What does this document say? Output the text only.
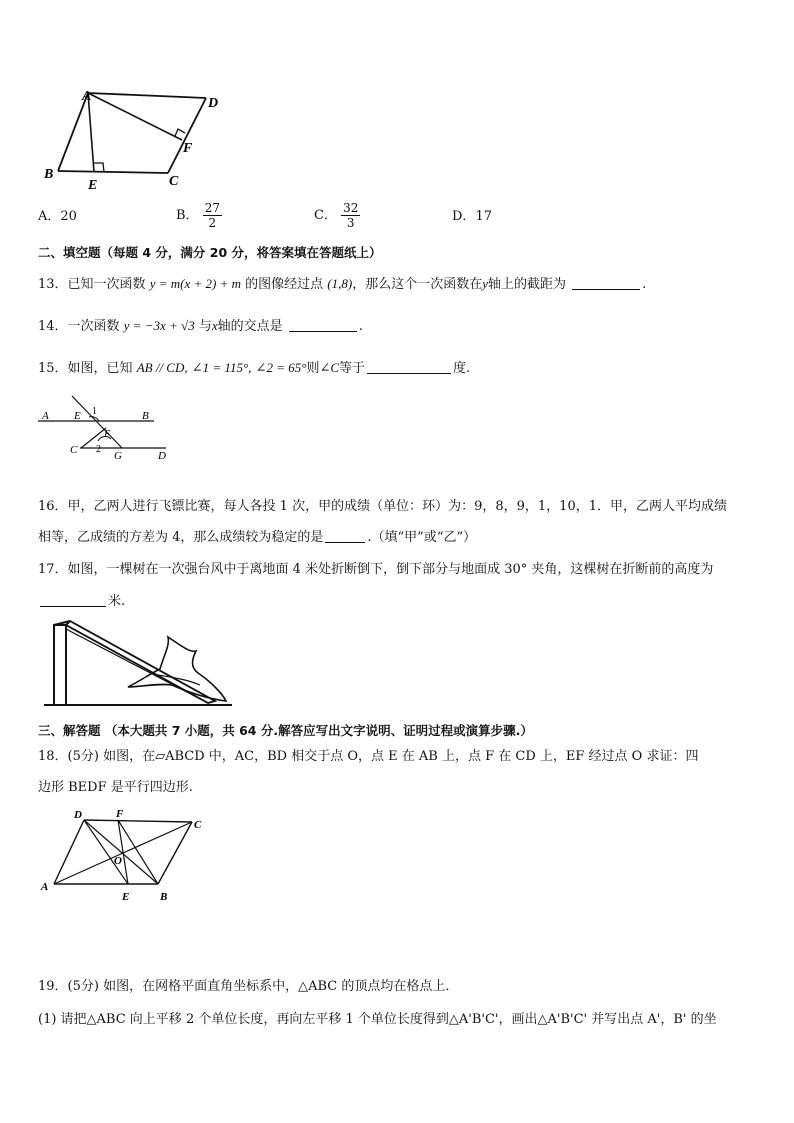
A	D
F
C
B
E
A．20	B． $\frac{27}{2}$	C． $\frac{32}{3}$	D．17
二、填空题（每题 4 分，满分 20 分，将答案填在答题纸上）
13．已知一次函数 y = m(x + 2) + m 的图像经过点 (1,8)，那么这个一次函数在y轴上的截距为	.
14．一次函数 y = −3x + √3 与x轴的交点是	.
15．如图，已知 AB // CD, ∠1 = 115°, ∠2 = 65°则∠C等于	度.
A E 1	B
F
2
C	G	D
16．甲，乙两人进行飞镖比赛，每人各投 1 次，甲的成绩（单位：环）为：9，8，9，1，10，1．甲，乙两人平均成绩
相等，乙成绩的方差为 4，那么成绩较为稳定的是	.（填“甲”或“乙”）
17．如图，一棵树在一次强台风中于离地面 4 米处折断倒下，倒下部分与地面成 30° 夹角，这棵树在折断前的高度为
米.
三、解答题 （本大题共 7 小题，共 64 分.解答应写出文字说明、证明过程或演算步骤.）
18．(5分) 如图，在▱ABCD 中，AC，BD 相交于点 O，点 E 在 AB 上，点 F 在 CD 上，EF 经过点 O 求证：四
边形 BEDF 是平行四边形.
D	F
C
O
A
E	B
19．(5分) 如图，在网格平面直角坐标系中，△ABC 的顶点均在格点上．
(1) 请把△ABC 向上平移 2 个单位长度，再向左平移 1 个单位长度得到△A'B'C'，画出△A'B'C' 并写出点 A'，B' 的坐
